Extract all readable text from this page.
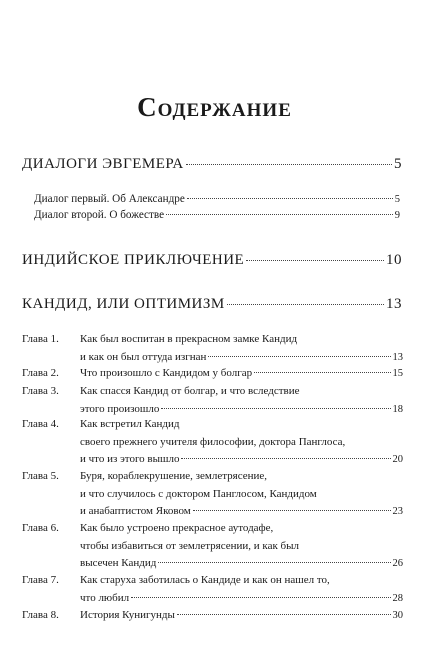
Содержание
ДИАЛОГИ ЭВГЕМЕРА	5
Диалог первый. Об Александре	5
Диалог второй. О божестве	9
ИНДИЙСКОЕ ПРИКЛЮЧЕНИЕ	10
КАНДИД, ИЛИ ОПТИМИЗМ	13
Глава 1.	Как был воспитан в прекрасном замке Кандид
и как он был оттуда изгнан	13
Глава 2.	Что произошло с Кандидом у болгар	15
Глава 3.	Как спасся Кандид от болгар, и что вследствие
этого произошло	18
Глава 4.	Как встретил Кандид
своего прежнего учителя философии, доктора Панглоса,
и что из этого вышло	20
Глава 5.	Буря, кораблекрушение, землетрясение,
и что случилось с доктором Панглосом, Кандидом
и анабаптистом Яковом	23
Глава 6.	Как было устроено прекрасное аутодафе,
чтобы избавиться от землетрясении, и как был
высечен Кандид	26
Глава 7.	Как старуха заботилась о Кандиде и как он нашел то,
что любил	28
Глава 8.	История Кунигунды	30
